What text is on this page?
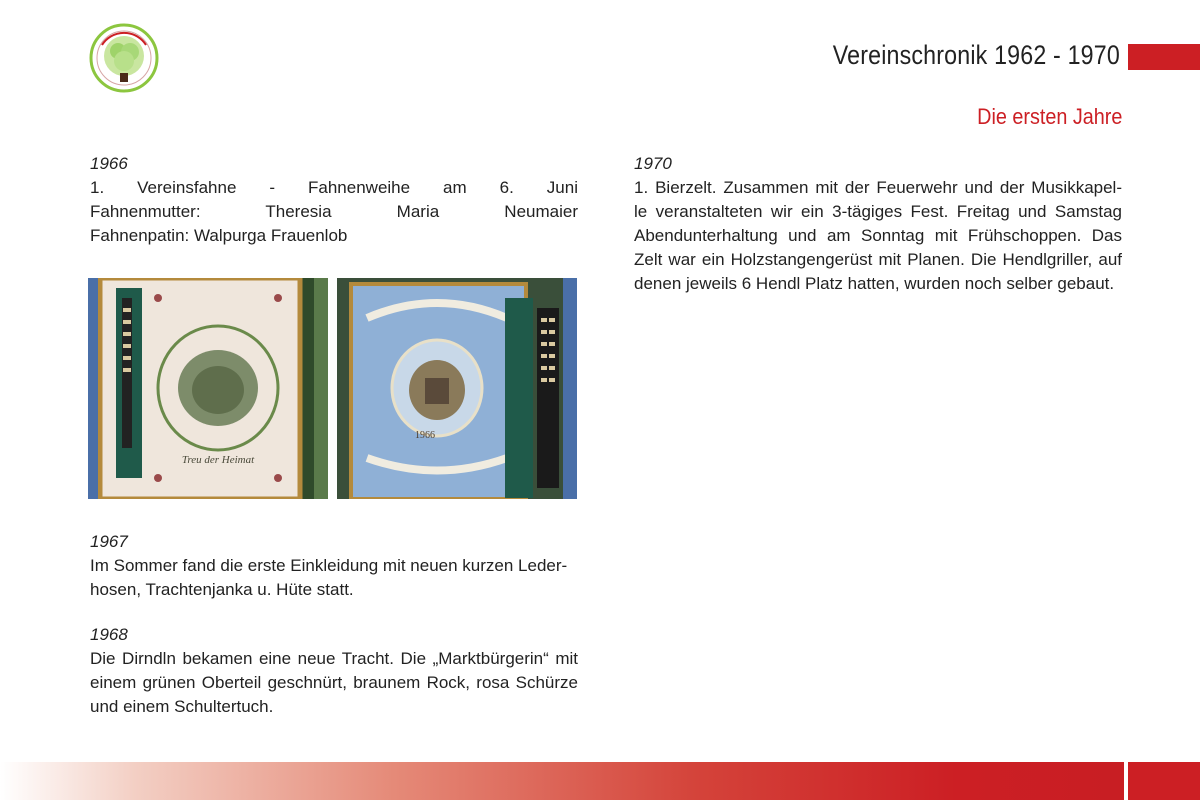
Vereinschronik 1962 - 1970
Die ersten Jahre
1966
1. Vereinsfahne - Fahnenweihe am 6. Juni
Fahnenmutter: Theresia Maria Neumaier
Fahnenpatin: Walpurga Frauenlob
Treu der Heimat
1966
1967
Im Sommer fand die erste Einkleidung mit neuen kurzen Leder-
hosen, Trachtenjanka u. Hüte statt.
1968
Die Dirndln bekamen eine neue Tracht. Die „Marktbürgerin“ mit
einem grünen Oberteil geschnürt, braunem Rock, rosa Schürze
und einem Schultertuch.
1970
1. Bierzelt. Zusammen mit der Feuerwehr und der Musikkapel-
le veranstalteten wir ein 3-tägiges Fest. Freitag und Samstag
Abendunterhaltung und am Sonntag mit Frühschoppen. Das
Zelt war ein Holzstangengerüst mit Planen. Die Hendlgriller, auf
denen jeweils 6 Hendl Platz hatten, wurden noch selber gebaut.
